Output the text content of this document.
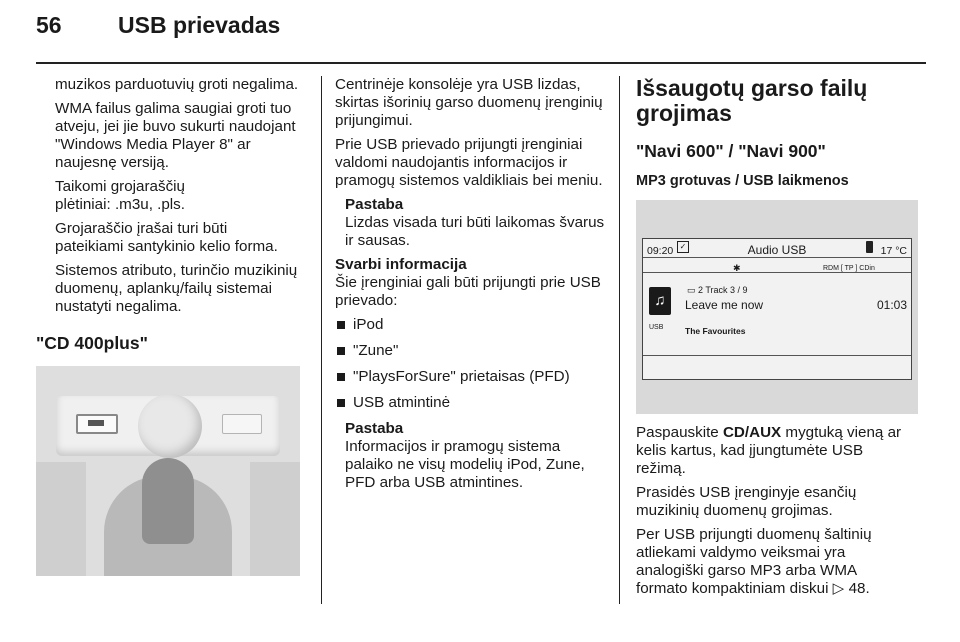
56 USB prievadas

muzikos parduotuvių groti negalima.

WMA failus galima saugiai groti tuo atveju, jei jie buvo sukurti naudojant "Windows Media Player 8" ar naujesnę versiją.

Taikomi grojaraščių
plėtiniai: .m3u, .pls.

Grojaraščio įrašai turi būti
pateikiami santykinio kelio forma.

Sistemos atributo, turinčio muzikinių duomenų, aplankų/failų sistemai nustatyti negalima.

"CD 400plus"

Centrinėje konsolėje yra USB lizdas, skirtas išorinių garso duomenų įrenginių prijungimui.

Prie USB prievado prijungti įrenginiai valdomi naudojantis informacijos ir pramogų sistemos valdikliais bei meniu.

Pastaba
Lizdas visada turi būti laikomas švarus ir sausas.

Svarbi informacija
Šie įrenginiai gali būti prijungti prie USB prievado:

iPod
"Zune"
"PlaysForSure" prietaisas (PFD)
USB atmintinė

Pastaba
Informacijos ir pramogų sistema palaiko ne visų modelių iPod, Zune, PFD arba USB atmintines.

Išsaugotų garso failų grojimas
"Navi 600" / "Navi 900"
MP3 grotuvas / USB laikmenos
09:20 ✓	Audio USB	17 °C
✱	RDM [ TP ] CDin
♫
USB
▭ 2 Track 3 / 9
Leave me now	01:03
The Favourites

Paspauskite CD/AUX mygtuką vieną ar kelis kartus, kad įjungtumėte USB režimą.

Prasidės USB įrenginyje esančių muzikinių duomenų grojimas.

Per USB prijungti duomenų šaltinių atliekami valdymo veiksmai yra analogiški garso MP3 arba WMA formato kompaktiniam diskui ▷ 48.
